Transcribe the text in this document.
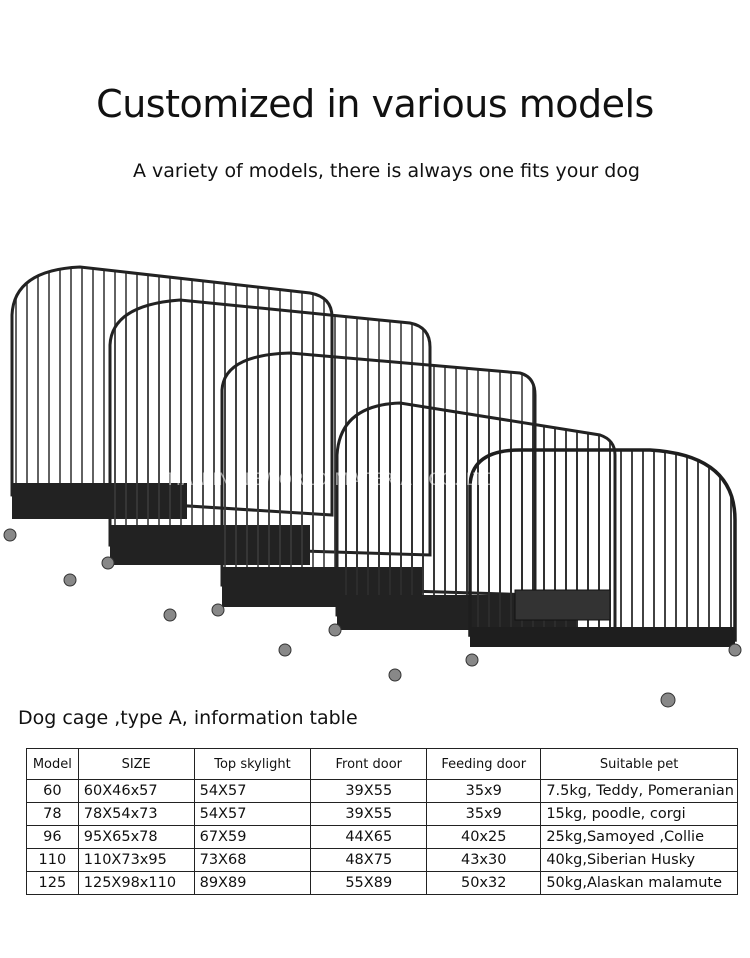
Customized in various models
A variety of models, there is always one fits your dog
TIANJIN NEWORLD MATERIAL CO.,LTD
Dog cage ,type A, information table
Model	SIZE	Top skylight	Front door	Feeding door	Suitable pet
60	60X46x57	54X57	39X55	35x9	7.5kg, Teddy, Pomeranian
78	78X54x73	54X57	39X55	35x9	15kg, poodle, corgi
96	95X65x78	67X59	44X65	40x25	25kg,Samoyed ,Collie
110	110X73x95	73X68	48X75	43x30	40kg,Siberian Husky
125	125X98x110	89X89	55X89	50x32	50kg,Alaskan malamute
